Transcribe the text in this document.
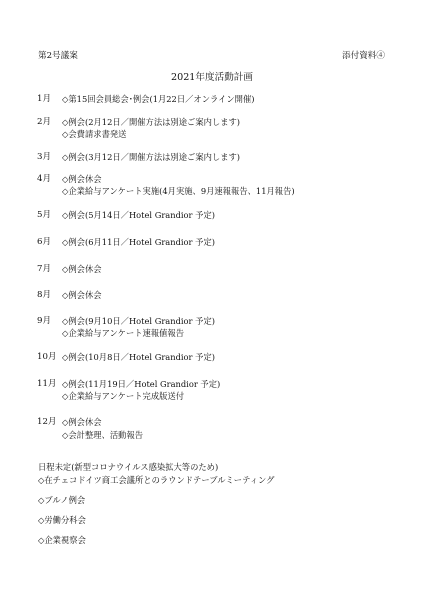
第2号議案	添付資料④
2021年度活動計画
1月 ◇第15回会員総会･例会(1月22日／オンライン開催)
2月 ◇例会(2月12日／開催方法は別途ご案内します)
◇会費請求書発送
3月 ◇例会(3月12日／開催方法は別途ご案内します)
4月 ◇例会休会
◇企業給与アンケート実施(4月実施、9月速報報告、11月報告)
5月 ◇例会(5月14日／Hotel Grandior 予定)
6月 ◇例会(6月11日／Hotel Grandior 予定)
7月 ◇例会休会
8月 ◇例会休会
9月 ◇例会(9月10日／Hotel Grandior 予定)
◇企業給与アンケート速報値報告
10月 ◇例会(10月8日／Hotel Grandior 予定)
11月 ◇例会(11月19日／Hotel Grandior 予定)
◇企業給与アンケート完成版送付
12月 ◇例会休会
◇会計整理、活動報告
日程未定(新型コロナウイルス感染拡大等のため)
◇在チェコドイツ商工会議所とのラウンドテーブルミーティング
◇ブルノ例会
◇労働分科会
◇企業視察会
